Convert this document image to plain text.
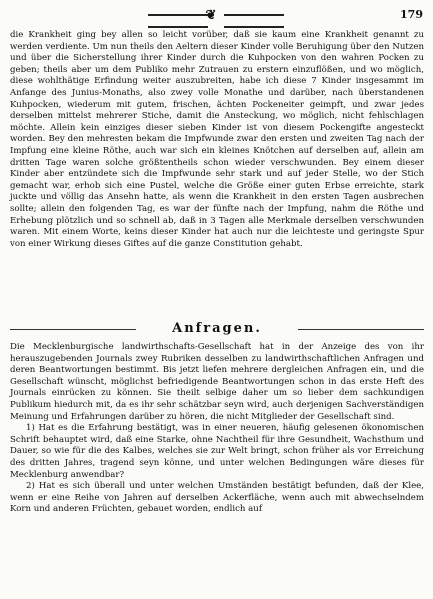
❦	179

die Krankheit ging bey allen so leicht vorüber, daß sie kaum eine Krankheit genannt zu werden verdiente. Um nun theils den Aeltern dieser Kinder volle Beruhigung über den Nutzen und über die Sicherstellung ihrer Kinder durch die Kuhpocken von den wahren Pocken zu geben; theils aber um dem Publiko mehr Zutrauen zu erstern einzuflößen, und wo möglich, diese wohlthätige Erfindung weiter auszubreiten, habe ich diese 7 Kinder insgesammt im Anfange des Junius-Monaths, also zwey volle Monathe und darüber, nach überstandenen Kuhpocken, wiederum mit gutem, frischen, ächten Pockeneiter geimpft, und zwar jedes derselben mittelst mehrerer Stiche, damit die Ansteckung, wo möglich, nicht fehlschlagen möchte. Allein kein einziges dieser sieben Kinder ist von diesem Pockengifte angesteckt worden. Bey den mehresten bekam die Impfwunde zwar den ersten und zweiten Tag nach der Impfung eine kleine Röthe, auch war sich ein kleines Knötchen auf derselben auf, allein am dritten Tage waren solche größtentheils schon wieder verschwunden. Bey einem dieser Kinder aber entzündete sich die Impfwunde sehr stark und auf jeder Stelle, wo der Stich gemacht war, erhob sich eine Pustel, welche die Größe einer guten Erbse erreichte, stark juckte und völlig das Ansehn hatte, als wenn die Krankheit in den ersten Tagen ausbrechen sollte; allein den folgenden Tag, es war der fünfte nach der Impfung, nahm die Röthe und Erhebung plötzlich und so schnell ab, daß in 3 Tagen alle Merkmale derselben verschwunden waren. Mit einem Worte, keins dieser Kinder hat auch nur die leichteste und geringste Spur von einer Wirkung dieses Giftes auf die ganze Constitution gehabt.

Anfragen.

Die Mecklenburgische landwirthschafts-Gesellschaft hat in der Anzeige des von ihr herauszugebenden Journals zwey Rubriken desselben zu landwirthschaftlichen Anfragen und deren Beantwortungen bestimmt. Bis jetzt liefen mehrere dergleichen Anfragen ein, und die Gesellschaft wünscht, möglichst befriedigende Beantwortungen schon in das erste Heft des Journals einrücken zu können. Sie theilt selbige daher um so lieber dem sachkundigen Publikum hiedurch mit, da es ihr sehr schätzbar seyn wird, auch derjenigen Sachverständigen Meinung und Erfahrungen darüber zu hören, die nicht Mitglieder der Gesellschaft sind.

1) Hat es die Erfahrung bestätigt, was in einer neueren, häufig gelesenen ökonomischen Schrift behauptet wird, daß eine Starke, ohne Nachtheil für ihre Gesundheit, Wachsthum und Dauer, so wie für die des Kalbes, welches sie zur Welt bringt, schon früher als vor Erreichung des dritten Jahres, tragend seyn könne, und unter welchen Bedingungen wäre dieses für Mecklenburg anwendbar?

2) Hat es sich überall und unter welchen Umständen bestätigt befunden, daß der Klee, wenn er eine Reihe von Jahren auf derselben Ackerfläche, wenn auch mit abwechselndem Korn und anderen Früchten, gebauet worden, endlich auf
